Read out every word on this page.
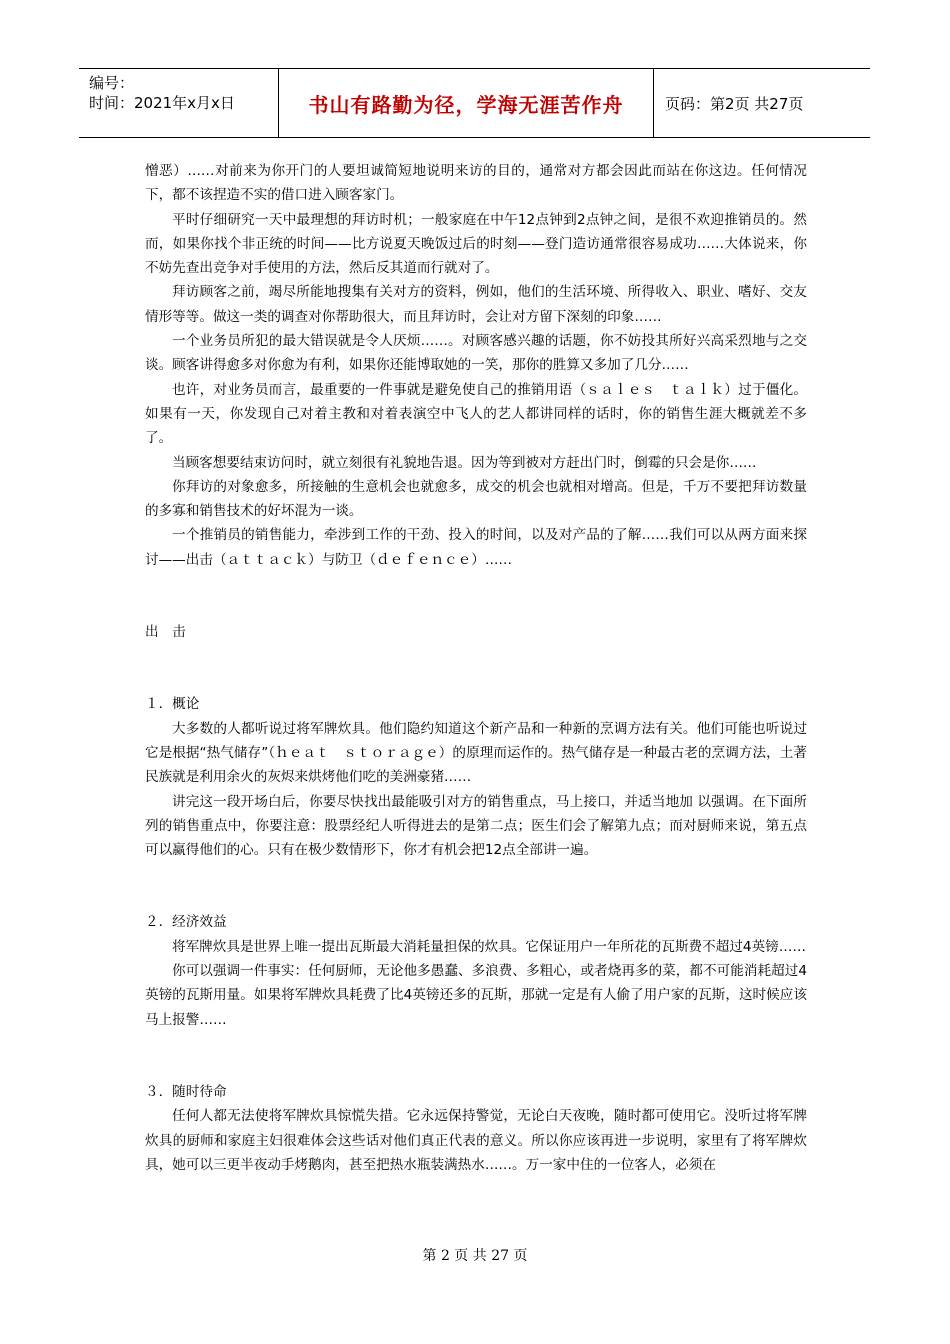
编号：
时间：2021年x月x日	书山有路勤为径，学海无涯苦作舟	页码：第2页 共27页

憎恶）……对前来为你开门的人要坦诚简短地说明来访的目的，通常对方都会因此而站在你这边。任何情况下，都不该捏造不实的借口进入顾客家门。

平时仔细研究一天中最理想的拜访时机；一般家庭在中午12点钟到2点钟之间，是很不欢迎推销员的。然而，如果你找个非正统的时间——比方说夏天晚饭过后的时刻——登门造访通常很容易成功……大体说来，你不妨先查出竞争对手使用的方法，然后反其道而行就对了。

拜访顾客之前，竭尽所能地搜集有关对方的资料，例如，他们的生活环境、所得收入、职业、嗜好、交友情形等等。做这一类的调查对你帮助很大，而且拜访时，会让对方留下深刻的印象……

一个业务员所犯的最大错误就是令人厌烦……。对顾客感兴趣的话题，你不妨投其所好兴高采烈地与之交谈。顾客讲得愈多对你愈为有利，如果你还能博取她的一笑，那你的胜算又多加了几分……

也许，对业务员而言，最重要的一件事就是避免使自己的推销用语（ｓａｌｅｓ　ｔａｌｋ）过于僵化。如果有一天，你发现自己对着主教和对着表演空中飞人的艺人都讲同样的话时，你的销售生涯大概就差不多了。

当顾客想要结束访问时，就立刻很有礼貌地告退。因为等到被对方赶出门时，倒霉的只会是你……

你拜访的对象愈多，所接触的生意机会也就愈多，成交的机会也就相对增高。但是，千万不要把拜访数量的多寡和销售技术的好坏混为一谈。

一个推销员的销售能力，牵涉到工作的干劲、投入的时间，以及对产品的了解……我们可以从两方面来探讨——出击（ａｔｔａｃｋ）与防卫（ｄｅｆｅｎｃｅ）……

出　击

１．概论

大多数的人都听说过将军牌炊具。他们隐约知道这个新产品和一种新的烹调方法有关。他们可能也听说过它是根据“热气储存”（ｈｅａｔ　ｓｔｏｒａｇｅ）的原理而运作的。热气储存是一种最古老的烹调方法，土著民族就是利用余火的灰烬来烘烤他们吃的美洲豪猪……

讲完这一段开场白后，你要尽快找出最能吸引对方的销售重点，马上接口，并适当地加 以强调。在下面所列的销售重点中，你要注意：股票经纪人听得进去的是第二点；医生们会了解第九点；而对厨师来说，第五点可以赢得他们的心。只有在极少数情形下，你才有机会把12点全部讲一遍。

２．经济效益

将军牌炊具是世界上唯一提出瓦斯最大消耗量担保的炊具。它保证用户一年所花的瓦斯费不超过4英镑……

你可以强调一件事实：任何厨师，无论他多愚蠢、多浪费、多粗心，或者烧再多的菜，都不可能消耗超过4英镑的瓦斯用量。如果将军牌炊具耗费了比4英镑还多的瓦斯，那就一定是有人偷了用户家的瓦斯，这时候应该马上报警……

３．随时待命

任何人都无法使将军牌炊具惊慌失措。它永远保持警觉，无论白天夜晚，随时都可使用它。没听过将军牌炊具的厨师和家庭主妇很难体会这些话对他们真正代表的意义。所以你应该再进一步说明，家里有了将军牌炊具，她可以三更半夜动手烤鹅肉，甚至把热水瓶装满热水……。万一家中住的一位客人，必须在

第 2 页 共 27 页
